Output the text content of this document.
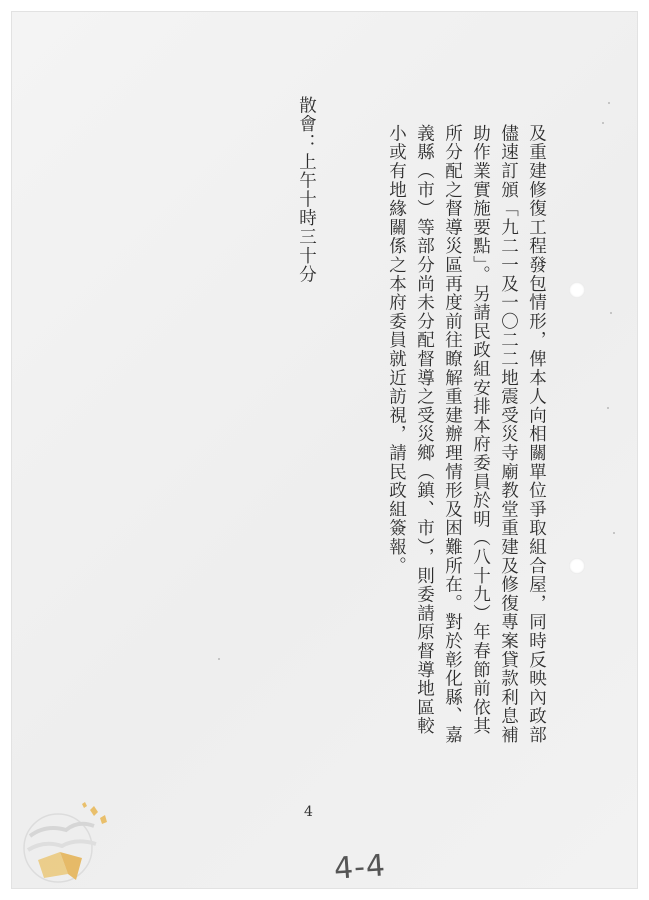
及重建修復工程發包情形，俾本人向相關單位爭取組合屋，同時反映內政部
儘速訂頒「九二一及一〇二二地震受災寺廟教堂重建及修復專案貸款利息補
助作業實施要點」。另請民政組安排本府委員於明（八十九）年春節前依其
所分配之督導災區再度前往瞭解重建辦理情形及困難所在。對於彰化縣、嘉
義縣（市）等部分尚未分配督導之受災鄉（鎮、市），則委請原督導地區較
小或有地緣關係之本府委員就近訪視，請民政組簽報。
散會：上午十時三十分
4
4-4
